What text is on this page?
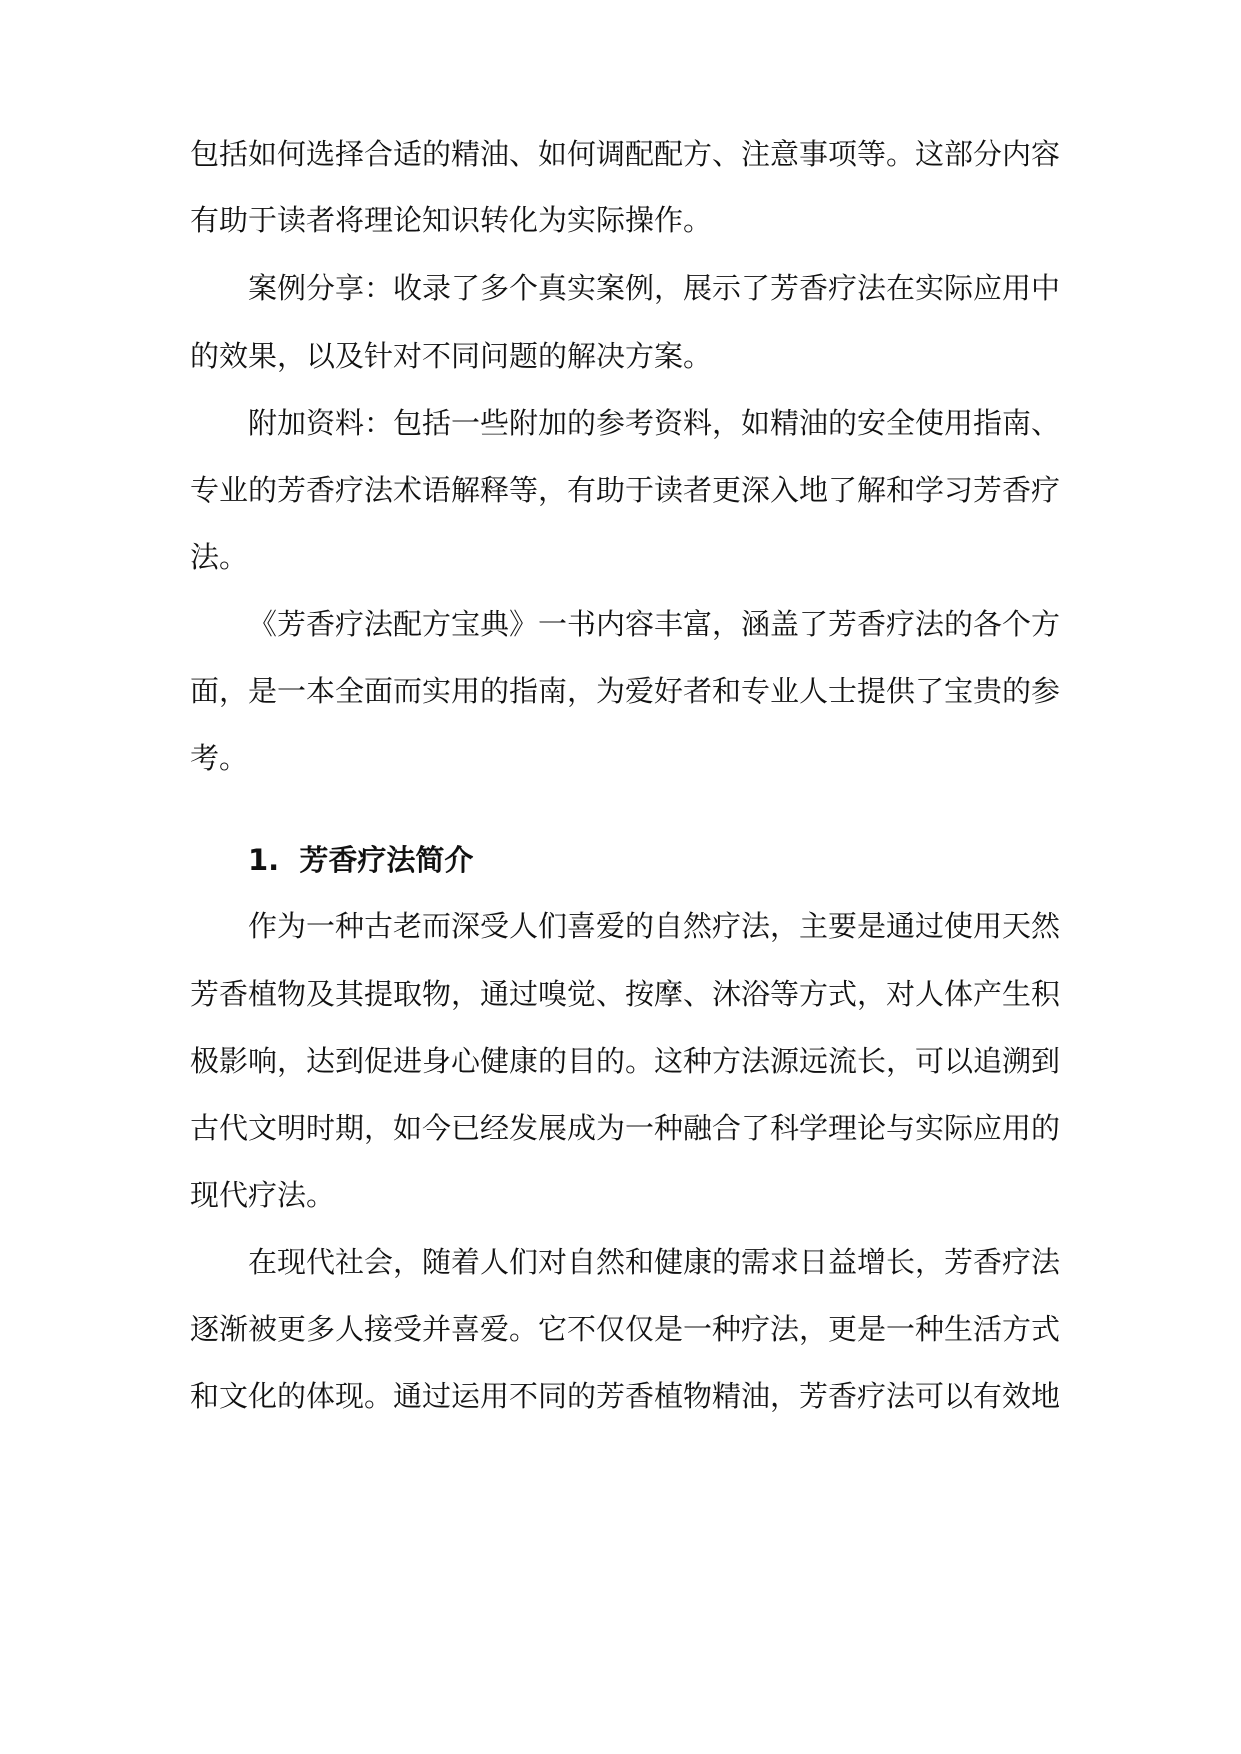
包括如何选择合适的精油、如何调配配方、注意事项等。这部分内容
有助于读者将理论知识转化为实际操作。
案例分享：收录了多个真实案例，展示了芳香疗法在实际应用中
的效果，以及针对不同问题的解决方案。
附加资料：包括一些附加的参考资料，如精油的安全使用指南、
专业的芳香疗法术语解释等，有助于读者更深入地了解和学习芳香疗
法。
《芳香疗法配方宝典》一书内容丰富，涵盖了芳香疗法的各个方
面，是一本全面而实用的指南，为爱好者和专业人士提供了宝贵的参
考。
1. 芳香疗法简介
作为一种古老而深受人们喜爱的自然疗法，主要是通过使用天然
芳香植物及其提取物，通过嗅觉、按摩、沐浴等方式，对人体产生积
极影响，达到促进身心健康的目的。这种方法源远流长，可以追溯到
古代文明时期，如今已经发展成为一种融合了科学理论与实际应用的
现代疗法。
在现代社会，随着人们对自然和健康的需求日益增长，芳香疗法
逐渐被更多人接受并喜爱。它不仅仅是一种疗法，更是一种生活方式
和文化的体现。通过运用不同的芳香植物精油，芳香疗法可以有效地
